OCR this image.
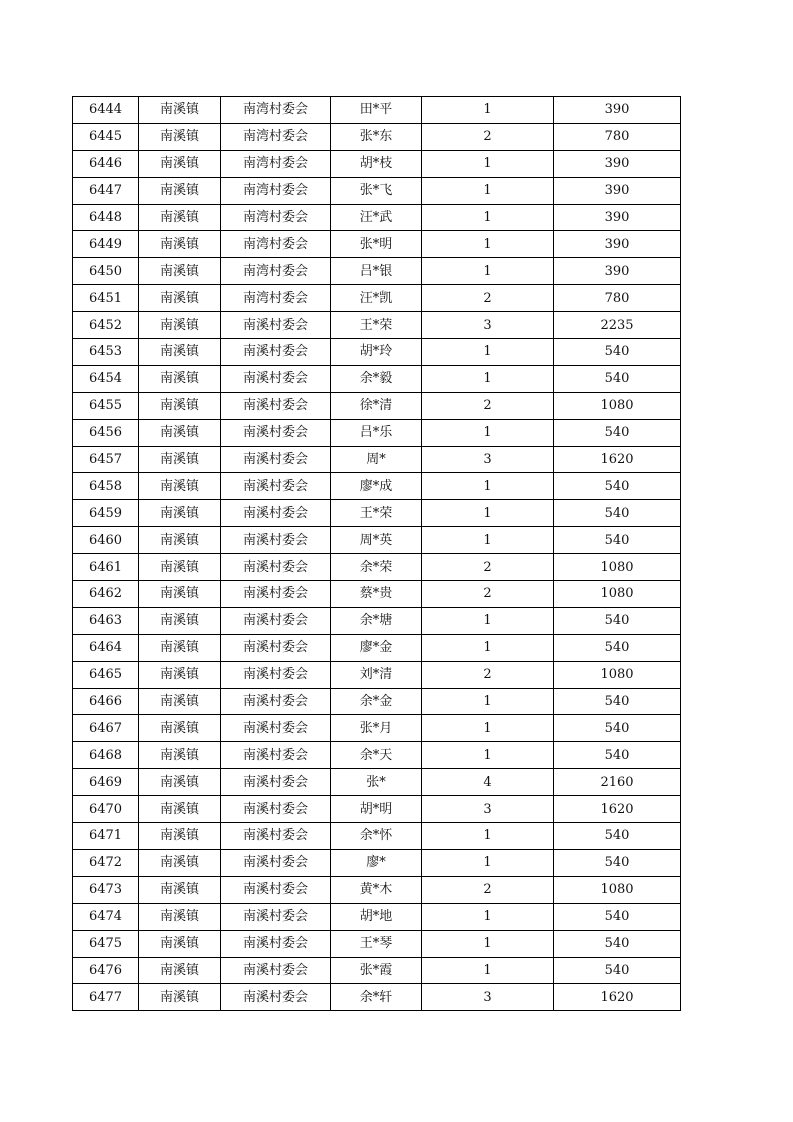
6444	南溪镇	南湾村委会	田*平	1	390
6445	南溪镇	南湾村委会	张*东	2	780
6446	南溪镇	南湾村委会	胡*枝	1	390
6447	南溪镇	南湾村委会	张*飞	1	390
6448	南溪镇	南湾村委会	汪*武	1	390
6449	南溪镇	南湾村委会	张*明	1	390
6450	南溪镇	南湾村委会	吕*银	1	390
6451	南溪镇	南湾村委会	汪*凯	2	780
6452	南溪镇	南溪村委会	王*荣	3	2235
6453	南溪镇	南溪村委会	胡*玲	1	540
6454	南溪镇	南溪村委会	余*毅	1	540
6455	南溪镇	南溪村委会	徐*清	2	1080
6456	南溪镇	南溪村委会	吕*乐	1	540
6457	南溪镇	南溪村委会	周*	3	1620
6458	南溪镇	南溪村委会	廖*成	1	540
6459	南溪镇	南溪村委会	王*荣	1	540
6460	南溪镇	南溪村委会	周*英	1	540
6461	南溪镇	南溪村委会	余*荣	2	1080
6462	南溪镇	南溪村委会	蔡*贵	2	1080
6463	南溪镇	南溪村委会	余*塘	1	540
6464	南溪镇	南溪村委会	廖*金	1	540
6465	南溪镇	南溪村委会	刘*清	2	1080
6466	南溪镇	南溪村委会	余*金	1	540
6467	南溪镇	南溪村委会	张*月	1	540
6468	南溪镇	南溪村委会	余*天	1	540
6469	南溪镇	南溪村委会	张*	4	2160
6470	南溪镇	南溪村委会	胡*明	3	1620
6471	南溪镇	南溪村委会	余*怀	1	540
6472	南溪镇	南溪村委会	廖*	1	540
6473	南溪镇	南溪村委会	黄*木	2	1080
6474	南溪镇	南溪村委会	胡*地	1	540
6475	南溪镇	南溪村委会	王*琴	1	540
6476	南溪镇	南溪村委会	张*霞	1	540
6477	南溪镇	南溪村委会	余*轩	3	1620
